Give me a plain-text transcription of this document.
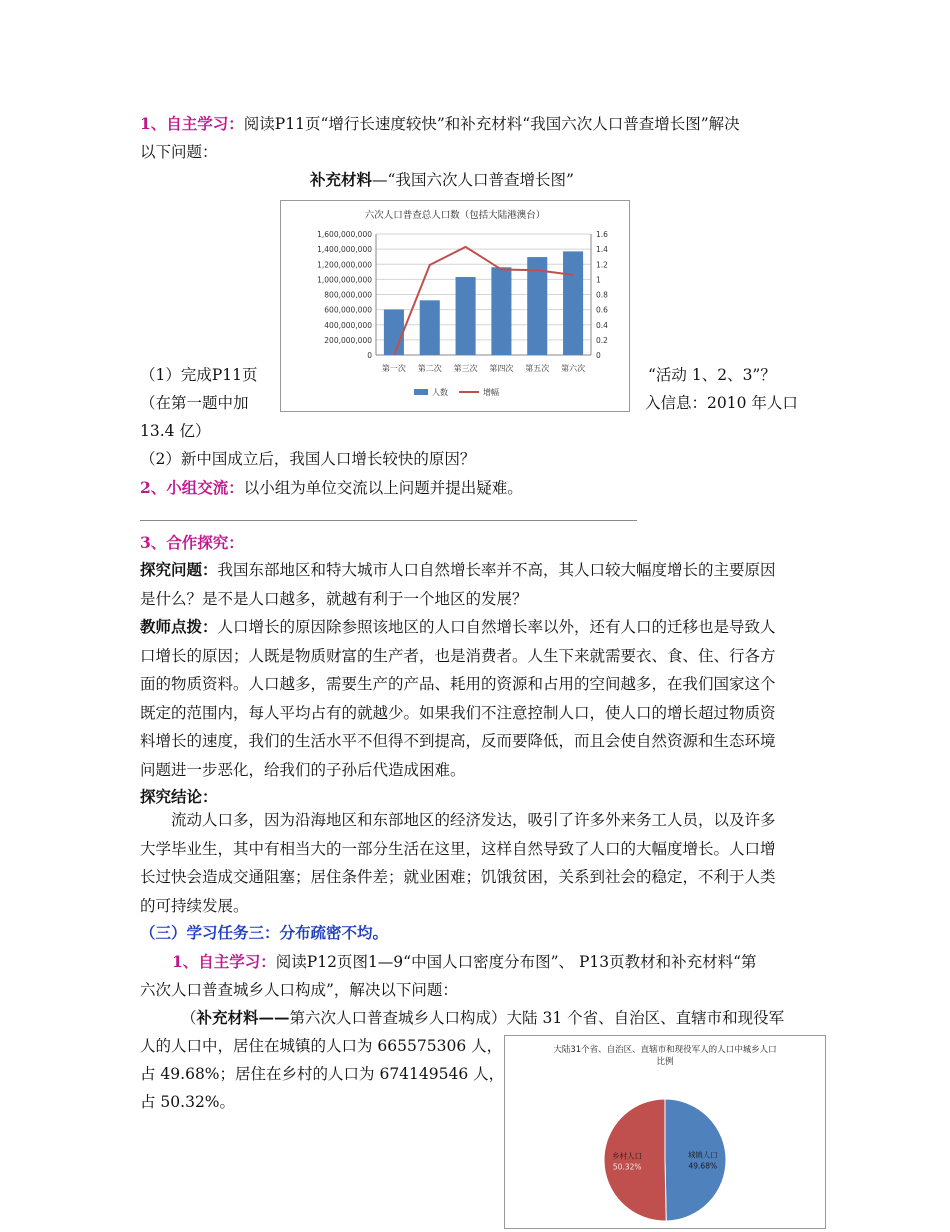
1、自主学习：阅读P11页“增行长速度较快”和补充材料“我国六次人口普查增长图”解决
以下问题：
补充材料—“我国六次人口普查增长图”
六次人口普查总人口数（包括大陆港澳台）
0
200,000,000
400,000,000
600,000,000
800,000,000
1,000,000,000
1,200,000,000
1,400,000,000
1,600,000,000
0
0.2
0.4
0.6
0.8
1
1.2
1.4
1.6
第一次 第二次 第三次 第四次 第五次 第六次
人数	增幅
（1）完成P11页	“活动 1、2、3”？
（在第一题中加	入信息：2010 年人口
13.4 亿）
（2）新中国成立后，我国人口增长较快的原因？
2、小组交流：以小组为单位交流以上问题并提出疑难。
3、合作探究：
探究问题：我国东部地区和特大城市人口自然增长率并不高，其人口较大幅度增长的主要原因
是什么？是不是人口越多，就越有利于一个地区的发展？
教师点拨：人口增长的原因除参照该地区的人口自然增长率以外，还有人口的迁移也是导致人
口增长的原因；人既是物质财富的生产者，也是消费者。人生下来就需要衣、食、住、行各方
面的物质资料。人口越多，需要生产的产品、耗用的资源和占用的空间越多，在我们国家这个
既定的范围内，每人平均占有的就越少。如果我们不注意控制人口，使人口的增长超过物质资
料增长的速度，我们的生活水平不但得不到提高，反而要降低，而且会使自然资源和生态环境
问题进一步恶化，给我们的子孙后代造成困难。
探究结论：
流动人口多，因为沿海地区和东部地区的经济发达，吸引了许多外来务工人员，以及许多
大学毕业生，其中有相当大的一部分生活在这里，这样自然导致了人口的大幅度增长。人口增
长过快会造成交通阻塞；居住条件差；就业困难；饥饿贫困，关系到社会的稳定，不利于人类
的可持续发展。
（三）学习任务三：分布疏密不均。
1、自主学习：阅读P12页图1—9“中国人口密度分布图”、 P13页教材和补充材料“第
六次人口普查城乡人口构成”，解决以下问题：
（补充材料——第六次人口普查城乡人口构成）大陆 31 个省、自治区、直辖市和现役军
人的人口中，居住在城镇的人口为 665575306 人，
占 49.68%；居住在乡村的人口为 674149546 人，
占 50.32%。
大陆31个省、自治区、直辖市和现役军人的人口中城乡人口
比例
城镇人口
49.68%
乡村人口
50.32%
